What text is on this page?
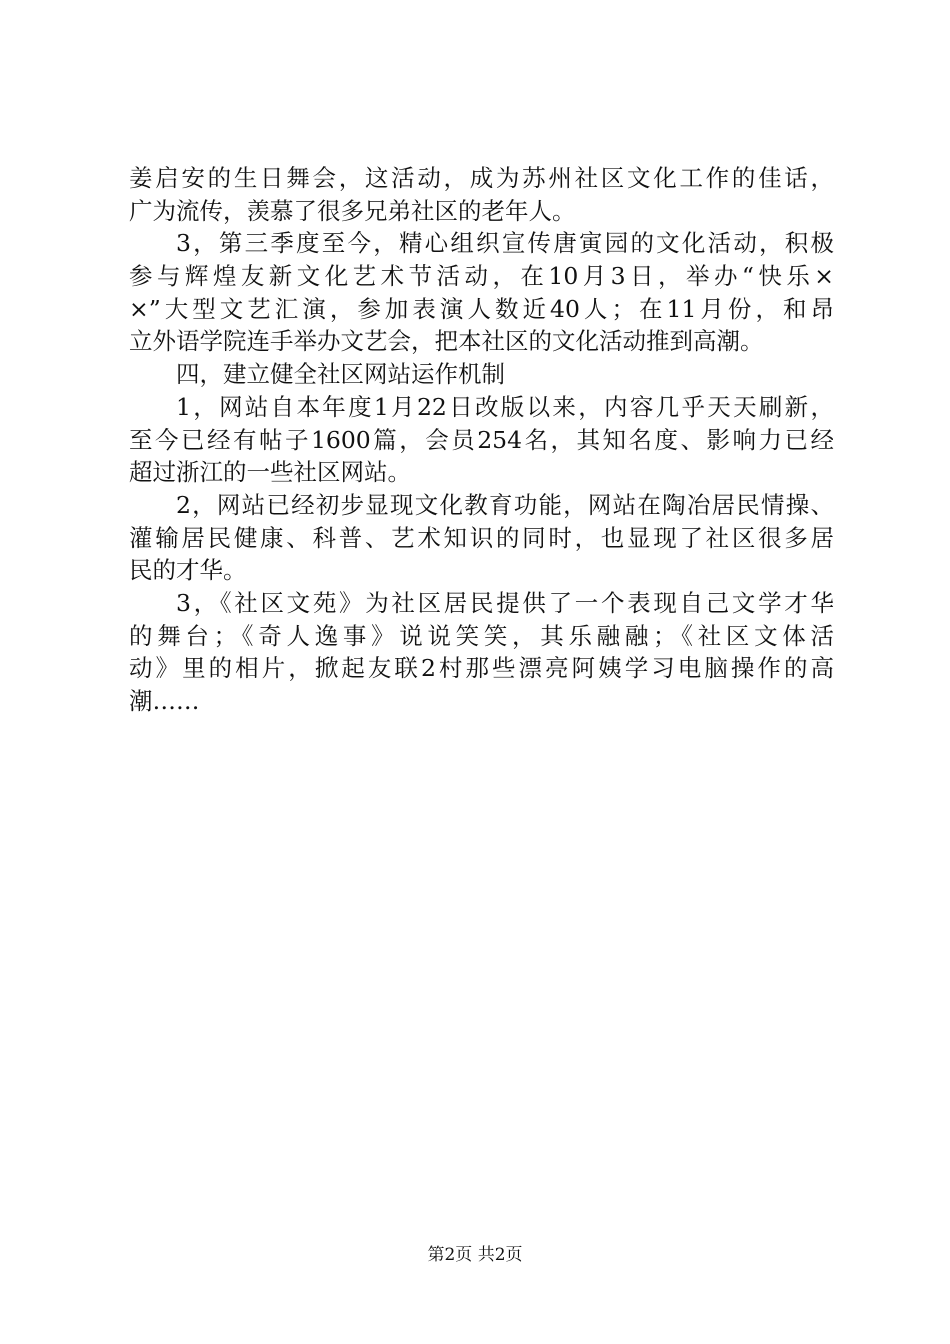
姜启安的生日舞会，这活动，成为苏州社区文化工作的佳话，
广为流传，羡慕了很多兄弟社区的老年人。
3，第三季度至今，精心组织宣传唐寅园的文化活动，积极
参与辉煌友新文化艺术节活动，在10月3日，举办“快乐×
×”大型文艺汇演，参加表演人数近40人；在11月份，和昂
立外语学院连手举办文艺会，把本社区的文化活动推到高潮。
四，建立健全社区网站运作机制
1，网站自本年度1月22日改版以来，内容几乎天天刷新，
至今已经有帖子1600篇，会员254名，其知名度、影响力已经
超过浙江的一些社区网站。
2，网站已经初步显现文化教育功能，网站在陶冶居民情操、
灌输居民健康、科普、艺术知识的同时，也显现了社区很多居
民的才华。
3，《社区文苑》为社区居民提供了一个表现自己文学才华
的舞台；《奇人逸事》说说笑笑，其乐融融；《社区文体活
动》里的相片，掀起友联2村那些漂亮阿姨学习电脑操作的高
潮……
第2页 共2页
